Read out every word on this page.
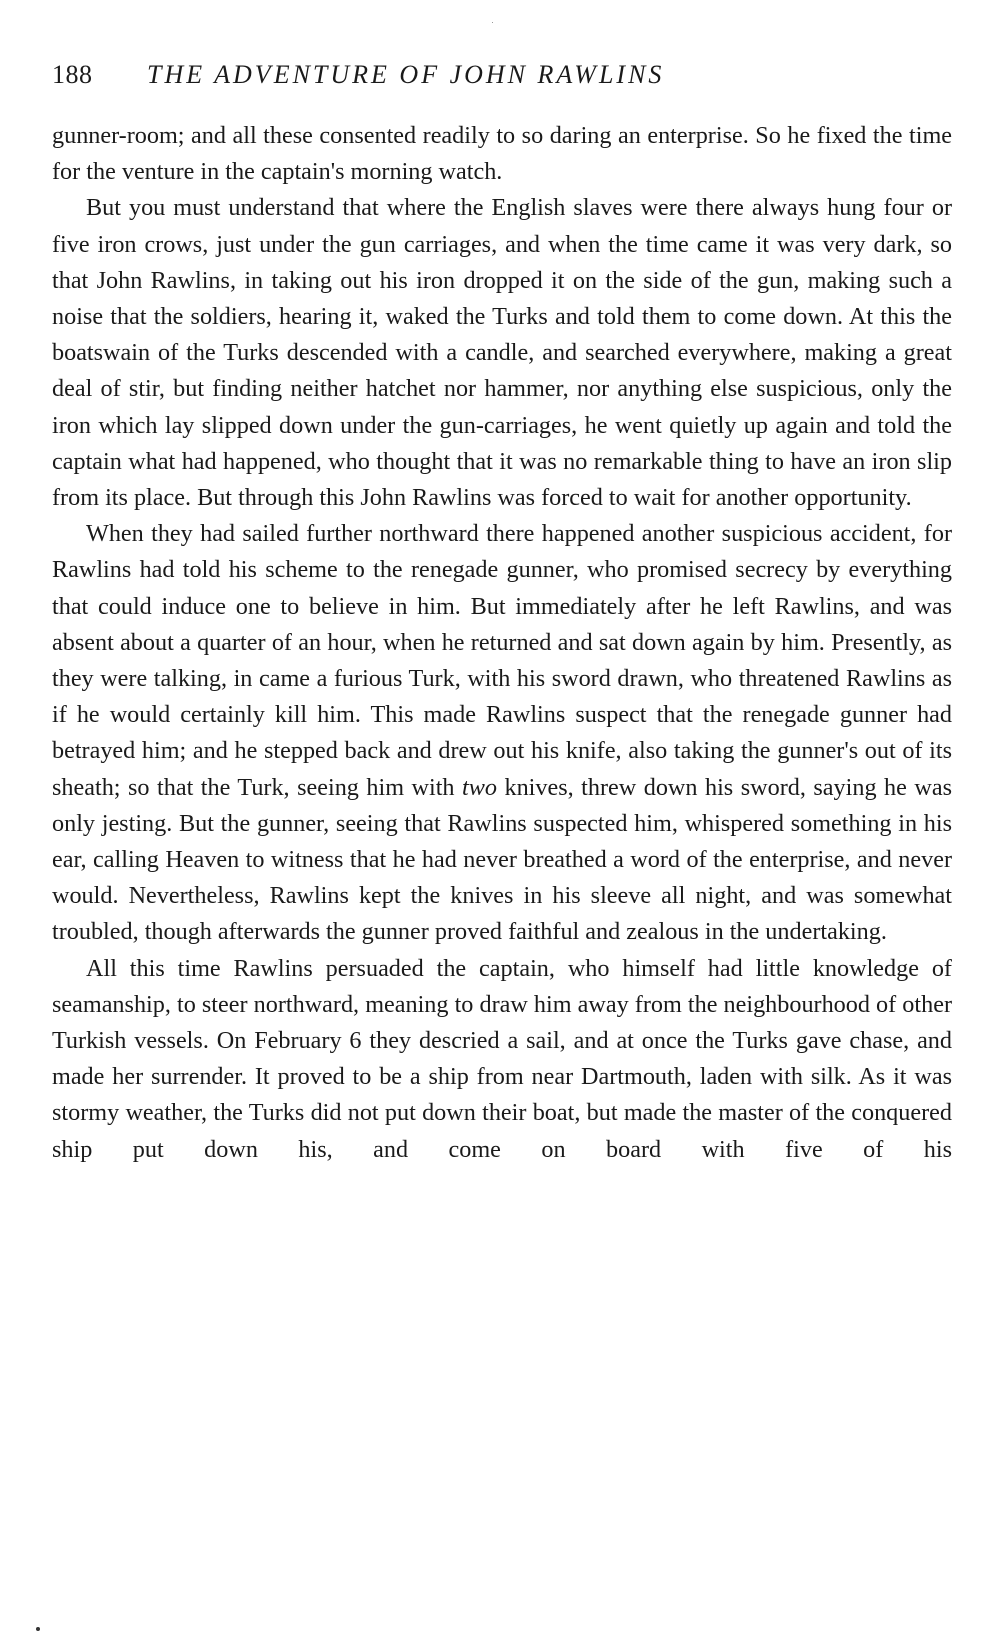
188	THE ADVENTURE OF JOHN RAWLINS

gunner-room; and all these consented readily to so daring an enterprise. So he fixed the time for the venture in the captain's morning watch.

But you must understand that where the English slaves were there always hung four or five iron crows, just under the gun carriages, and when the time came it was very dark, so that John Rawlins, in taking out his iron dropped it on the side of the gun, making such a noise that the soldiers, hearing it, waked the Turks and told them to come down. At this the boatswain of the Turks descended with a candle, and searched everywhere, making a great deal of stir, but finding neither hatchet nor hammer, nor anything else suspicious, only the iron which lay slipped down under the gun-carriages, he went quietly up again and told the captain what had happened, who thought that it was no remarkable thing to have an iron slip from its place. But through this John Rawlins was forced to wait for another opportunity.

When they had sailed further northward there happened another suspicious accident, for Rawlins had told his scheme to the renegade gunner, who promised secrecy by everything that could induce one to believe in him. But immediately after he left Rawlins, and was absent about a quarter of an hour, when he returned and sat down again by him. Presently, as they were talking, in came a furious Turk, with his sword drawn, who threatened Rawlins as if he would certainly kill him. This made Rawlins suspect that the renegade gunner had betrayed him; and he stepped back and drew out his knife, also taking the gunner's out of its sheath; so that the Turk, seeing him with two knives, threw down his sword, saying he was only jesting. But the gunner, seeing that Rawlins suspected him, whispered something in his ear, calling Heaven to witness that he had never breathed a word of the enterprise, and never would. Nevertheless, Rawlins kept the knives in his sleeve all night, and was somewhat troubled, though afterwards the gunner proved faithful and zealous in the undertaking.

All this time Rawlins persuaded the captain, who himself had little knowledge of seamanship, to steer northward, meaning to draw him away from the neighbourhood of other Turkish vessels. On February 6 they descried a sail, and at once the Turks gave chase, and made her surrender. It proved to be a ship from near Dartmouth, laden with silk. As it was stormy weather, the Turks did not put down their boat, but made the master of the conquered ship put down his, and come on board with five of his
